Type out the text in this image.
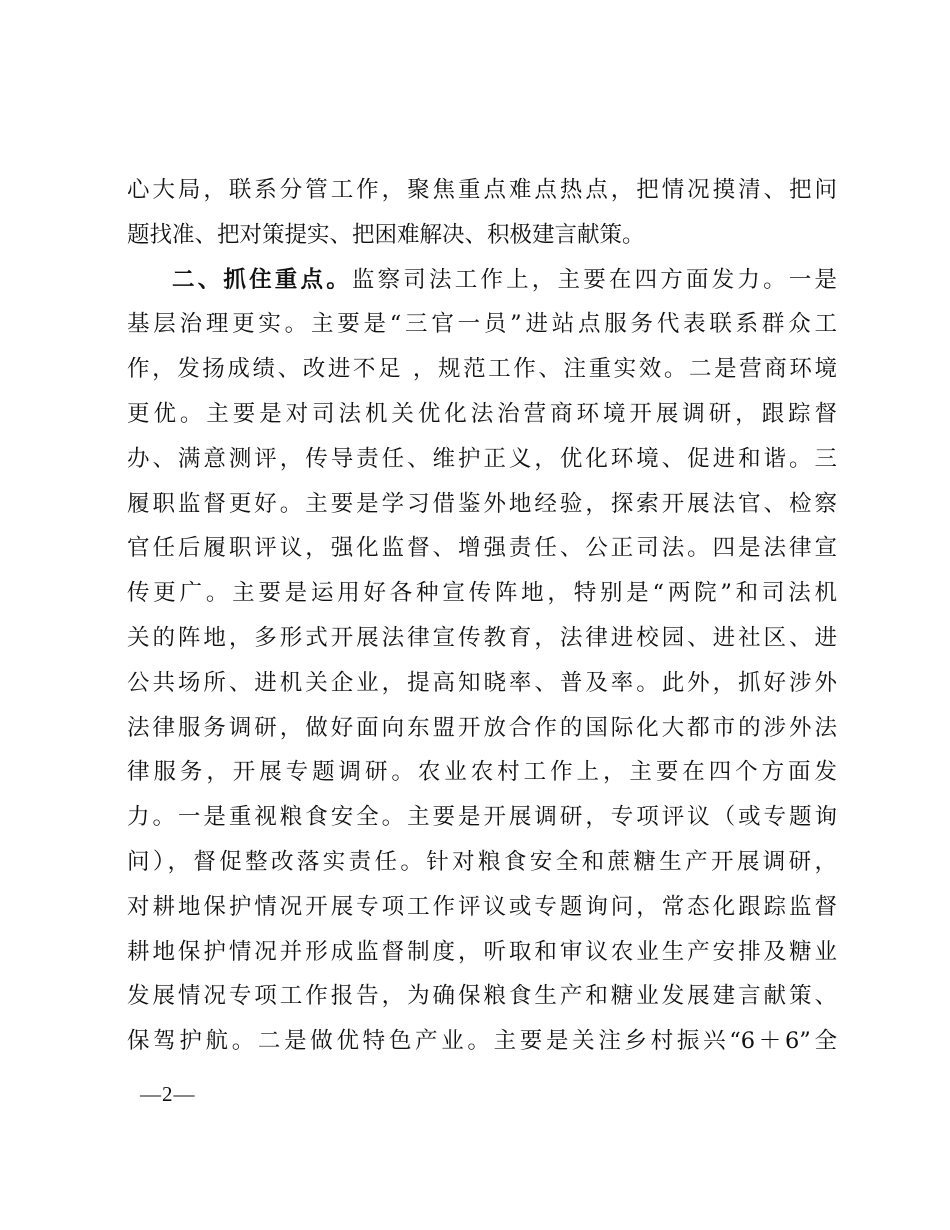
心大局，联系分管工作，聚焦重点难点热点，把情况摸清、把问
题找准、把对策提实、把困难解决、积极建言献策。
二、抓住重点。监察司法工作上，主要在四方面发力。一是
基层治理更实。主要是“三官一员”进站点服务代表联系群众工
作，发扬成绩、改进不足 ，规范工作、注重实效。二是营商环境
更优。主要是对司法机关优化法治营商环境开展调研，跟踪督
办、满意测评，传导责任、维护正义，优化环境、促进和谐。三
履职监督更好。主要是学习借鉴外地经验，探索开展法官、检察
官任后履职评议，强化监督、增强责任、公正司法。四是法律宣
传更广。主要是运用好各种宣传阵地，特别是“两院”和司法机
关的阵地，多形式开展法律宣传教育，法律进校园、进社区、进
公共场所、进机关企业，提高知晓率、普及率。此外，抓好涉外
法律服务调研，做好面向东盟开放合作的国际化大都市的涉外法
律服务，开展专题调研。农业农村工作上，主要在四个方面发
力。一是重视粮食安全。主要是开展调研，专项评议（或专题询
问），督促整改落实责任。针对粮食安全和蔗糖生产开展调研，
对耕地保护情况开展专项工作评议或专题询问，常态化跟踪监督
耕地保护情况并形成监督制度，听取和审议农业生产安排及糖业
发展情况专项工作报告，为确保粮食生产和糖业发展建言献策、
保驾护航。二是做优特色产业。主要是关注乡村振兴“6＋6”全
—2—
